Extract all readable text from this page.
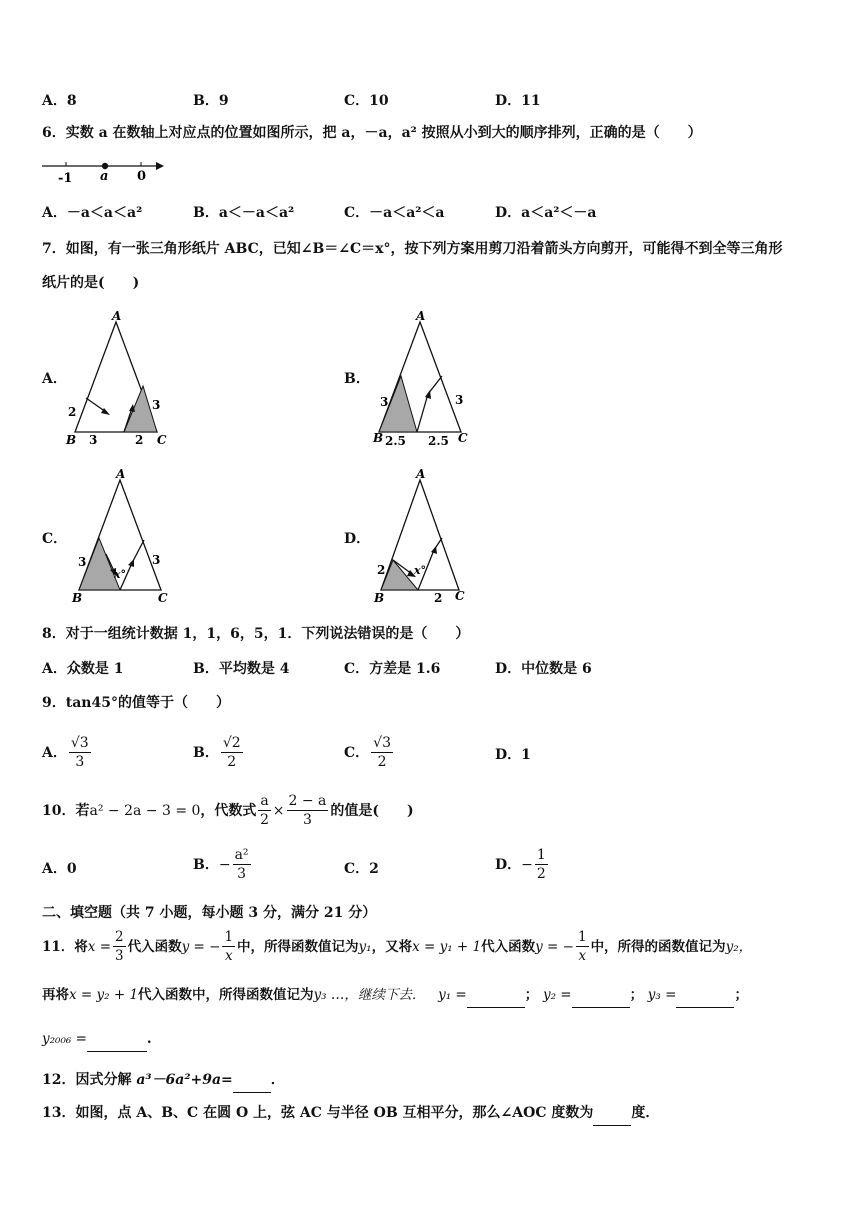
A．8	B．9	C．10	D．11
6．实数 a 在数轴上对应点的位置如图所示，把 a，－a，a² 按照从小到大的顺序排列，正确的是（　　）
-1 a 0
A．－a＜a＜a²	B．a＜－a＜a²	C．－a＜a²＜a	D．a＜a²＜－a
7．如图，有一张三角形纸片 ABC，已知∠B＝∠C＝x°，按下列方案用剪刀沿着箭头方向剪开，可能得不到全等三角形
纸片的是(　　)
A．
A
B	C
2
3	2
3
B．
A
B	C
3
2.5 2.5
3
C．
A
B	C
3	3
x°
D．
A
B	C
2
2
x°
8．对于一组统计数据 1，1，6，5，1．下列说法错误的是（　　）
A．众数是 1	B．平均数是 4	C．方差是 1.6	D．中位数是 6
9．tan45°的值等于（　　）
A． $\frac{√3}{3}$	B． $\frac{√2}{2}$	C． $\frac{√3}{2}$	D．1
10．若 a² − 2a − 3 = 0 ，代数式 $\frac{a}{2} \times \frac{2 - a}{3}$ 的值是(　　)
A．0	B． − $\frac{\text{a²}}{3}$	C．2	D． − $\frac{1}{2}$
二、填空题（共 7 小题，每小题 3 分，满分 21 分）
11．将 $x = \frac{2}{3}$ 代入函数 y = − $\frac{1}{x}$ 中，所得函数值记为 y₁ ，又将 x = y₁ + 1 代入函数 y = − $\frac{1}{x}$ 中，所得的函数值记为 y₂，
再将x = y₂ + 1代入函数中，所得函数值记为y₃ …，继续下去． y₁ =	； y₂ =	； y₃ =	；
y₂₀₀₆ =	.
12．因式分解 a³－6a²+9a=	．
13．如图，点 A、B、C 在圆 O 上，弦 AC 与半径 OB 互相平分，那么∠AOC 度数为	度．
